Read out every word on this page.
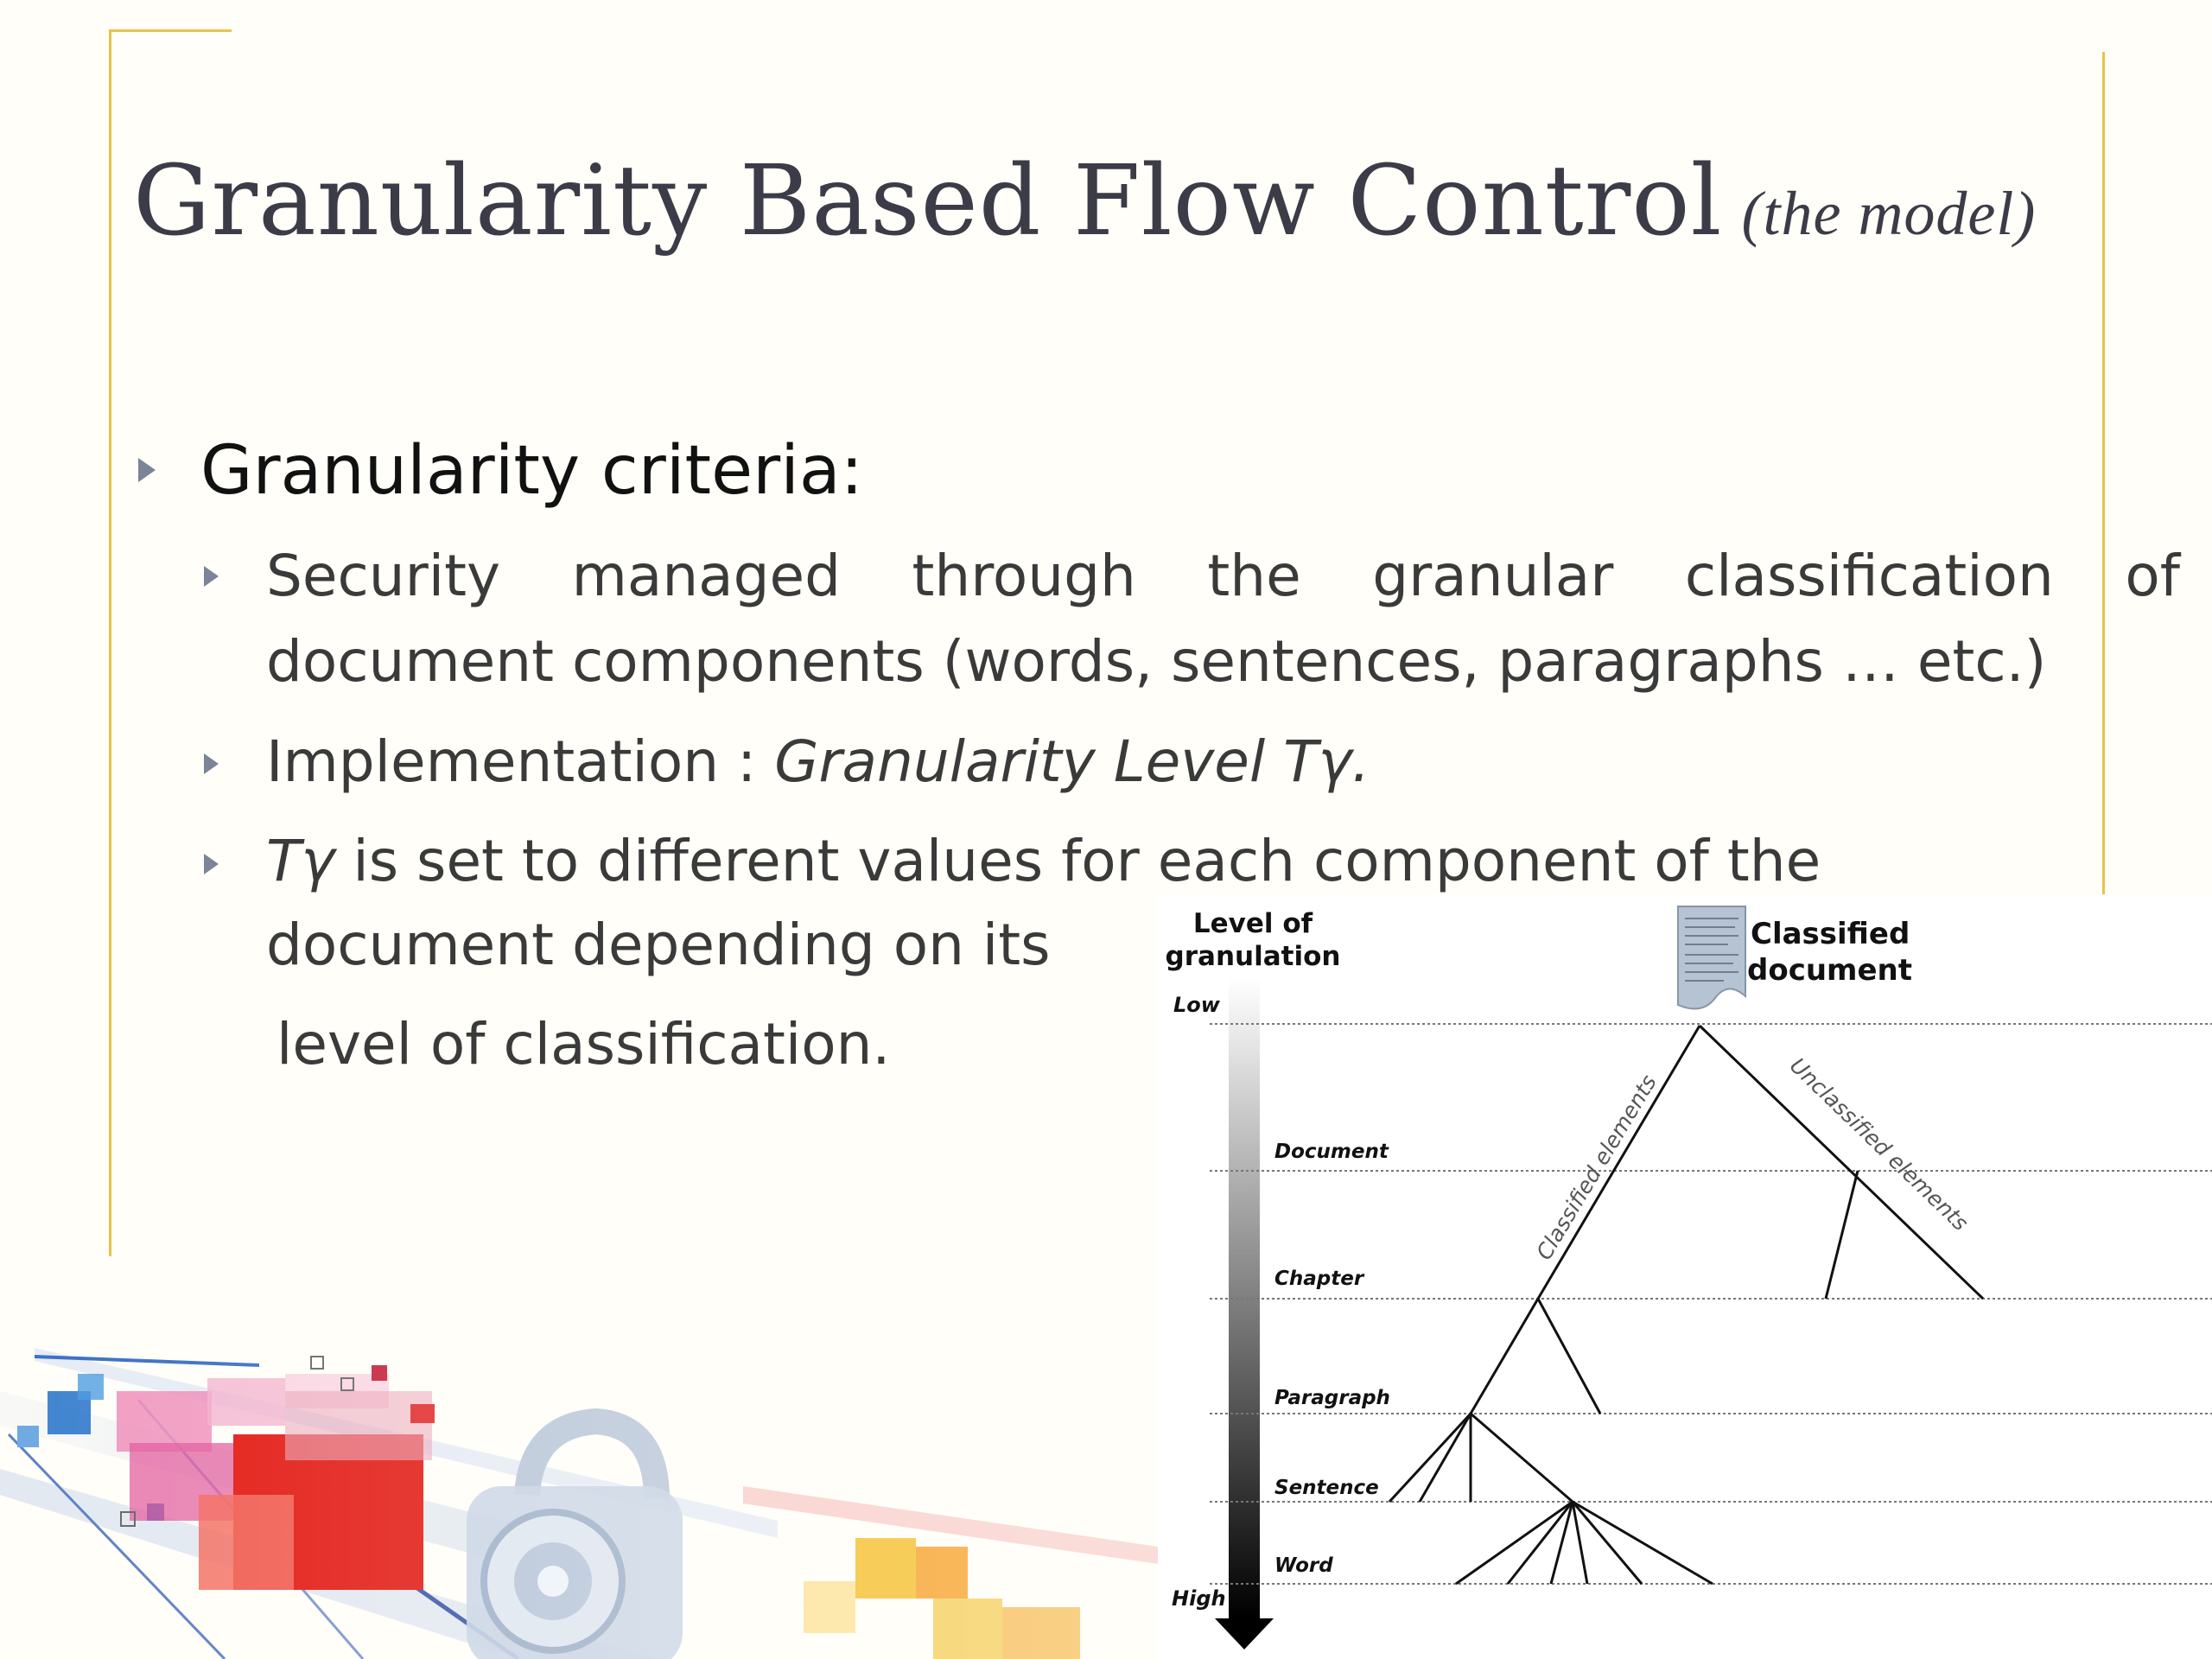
Granularity Based Flow Control (the model)
Granularity criteria:
Security managed through the granular classification of
document components (words, sentences, paragraphs … etc.)
Implementation : Granularity Level Tγ.
Tγ is set to different values for each component of the
document depending on its
level of classification.
Level of
granulation
Low
High
Document
Chapter
Paragraph
Sentence
Word
Classified
document
Classified elements	Unclassified elements
